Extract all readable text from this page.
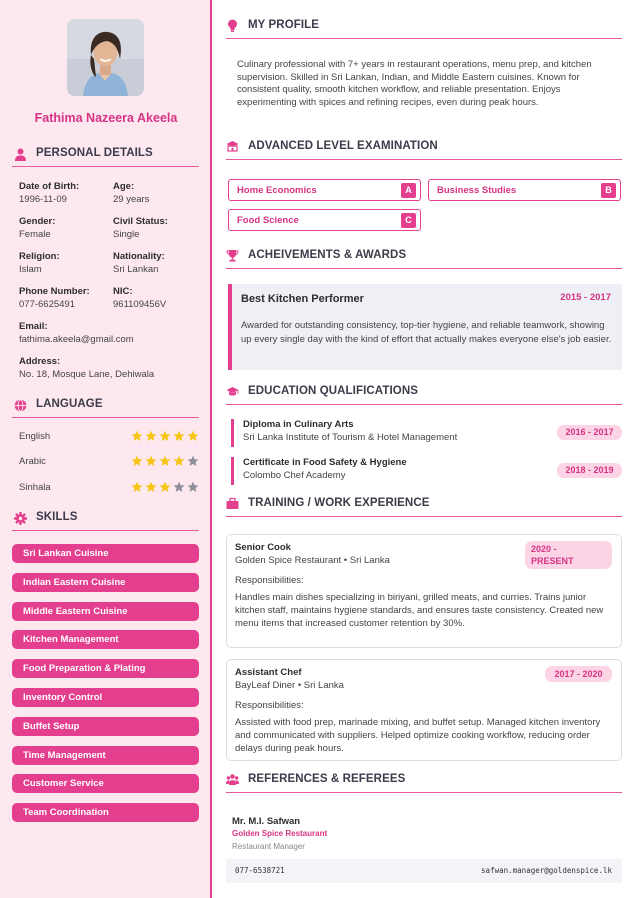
Fathima Nazeera Akeela
PERSONAL DETAILS
Date of Birth:
1996-11-09
Age:
29 years
Gender:
Female
Civil Status:
Single
Religion:
Islam
Nationality:
Sri Lankan
Phone Number:
077-6625491
NIC:
961109456V
Email:
fathima.akeela@gmail.com
Address:
No. 18, Mosque Lane, Dehiwala
LANGUAGE
English
Arabic
Sinhala
SKILLS
Sri Lankan Cuisine
Indian Eastern Cuisine
Middle Eastern Cuisine
Kitchen Management
Food Preparation & Plating
Inventory Control
Buffet Setup
Time Management
Customer Service
Team Coordination
MY PROFILE

Culinary professional with 7+ years in restaurant operations, menu prep, and kitchen supervision. Skilled in Sri Lankan, Indian, and Middle Eastern cuisines. Known for consistent quality, smooth kitchen workflow, and reliable presentation. Enjoys experimenting with spices and refining recipes, even during peak hours.

ADVANCED LEVEL EXAMINATION
Home Economics	A	Business Studies	B
Food Science	C
ACHEIVEMENTS & AWARDS
Best Kitchen Performer	2015 - 2017

Awarded for outstanding consistency, top-tier hygiene, and reliable teamwork, showing up every single day with the kind of effort that actually makes everyone else's job easier.

EDUCATION QUALIFICATIONS
Diploma in Culinary Arts
Sri Lanka Institute of Tourism & Hotel Management	2016 - 2017
Certificate in Food Safety & Hygiene
Colombo Chef Academy	2018 - 2019
TRAINING / WORK EXPERIENCE
Senior Cook
Golden Spice Restaurant • Sri Lanka
Responsibilities:

Handles main dishes specializing in biriyani, grilled meats, and curries. Trains junior kitchen staff, maintains hygiene standards, and ensures taste consistency. Created new menu items that increased customer retention by 30%.

2020 -
PRESENT
Assistant Chef
BayLeaf Diner • Sri Lanka
Responsibilities:

Assisted with food prep, marinade mixing, and buffet setup. Managed kitchen inventory and communicated with suppliers. Helped optimize cooking workflow, reducing order delays during peak hours.

2017 - 2020
REFERENCES & REFEREES
Mr. M.I. Safwan
Golden Spice Restaurant
Restaurant Manager
077-6538721	safwan.manager@goldenspice.lk
